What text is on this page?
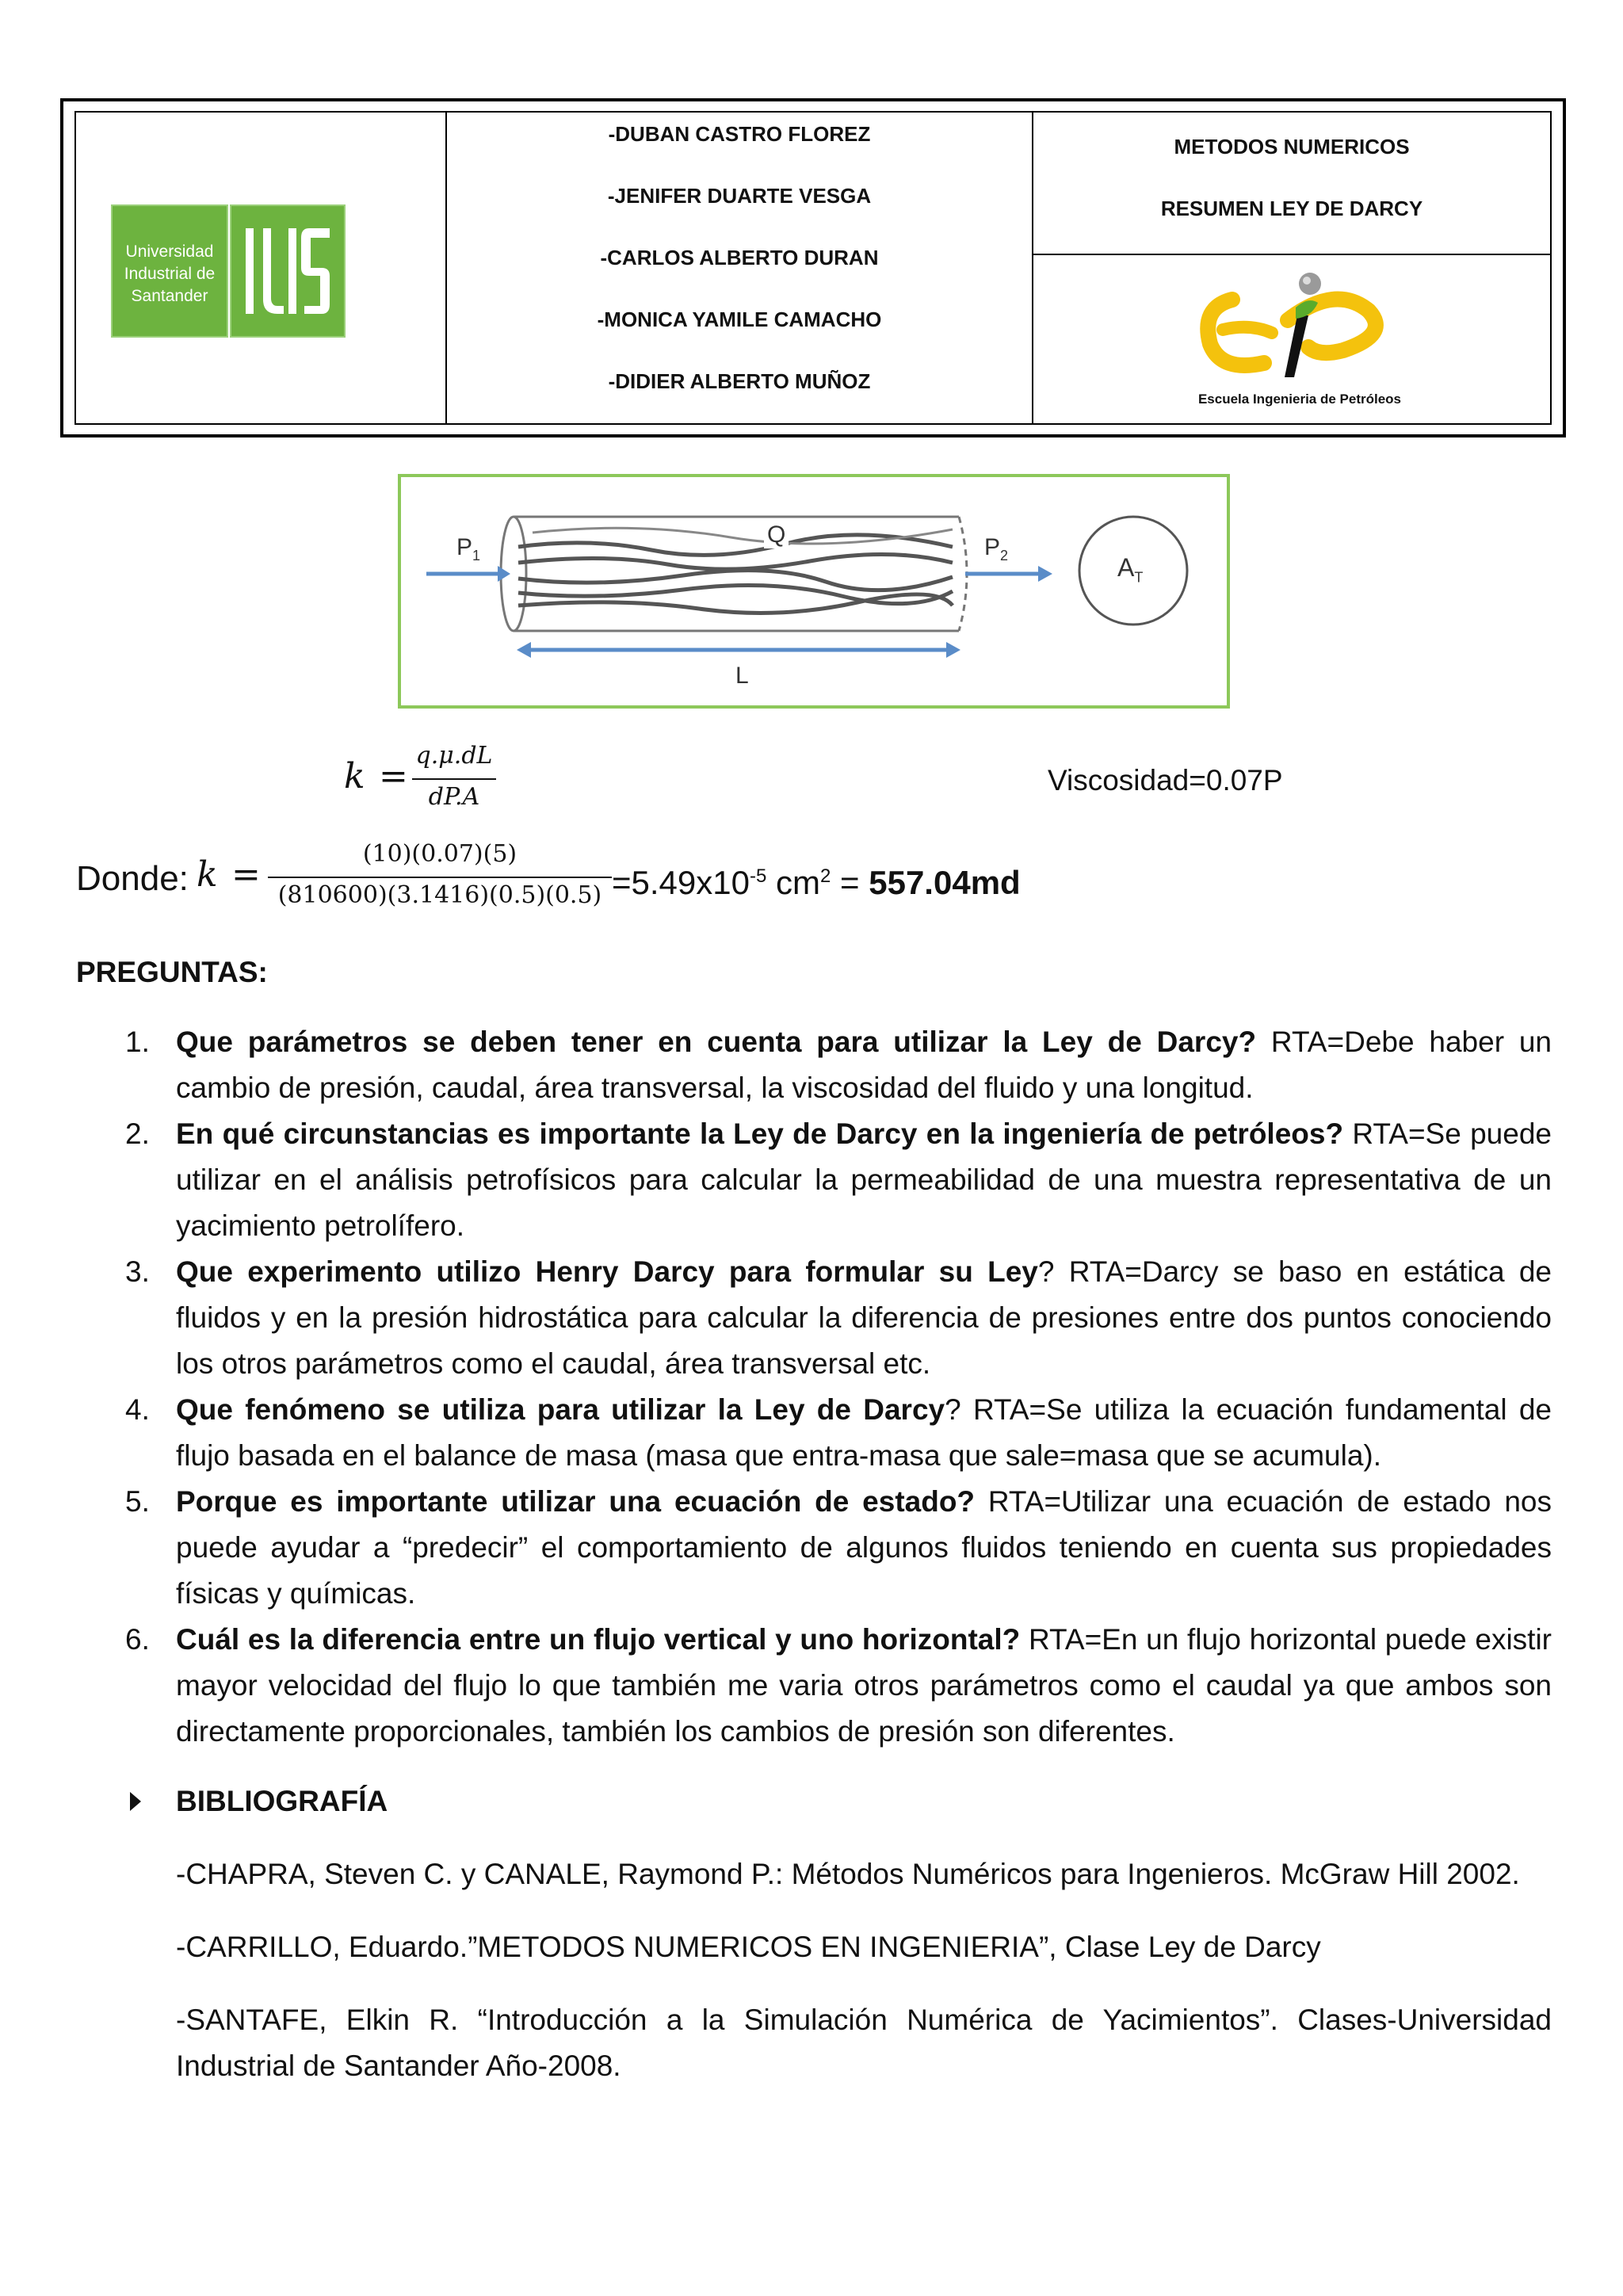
-DUBAN CASTRO FLOREZ
-JENIFER DUARTE VESGA
-CARLOS ALBERTO DURAN
-MONICA YAMILE CAMACHO
-DIDIER ALBERTO MUÑOZ
METODOS NUMERICOS
RESUMEN LEY DE DARCY
Universidad
Industrial de
Santander
Escuela Ingenieria de Petróleos
$P_1$	$P_2$
Q
L
$A_T$
k =
q.μ.dL
dP.A
Viscosidad=0.07P
Donde: k =
(10)(0.07)(5)
$(810600)(3.1416)(0.5)(0.5) =5.49x10^{-5}$ $cm^2 = 557.04md$
PREGUNTAS:
1. Que parámetros se deben tener en cuenta para utilizar la Ley de Darcy? RTA=Debe haber un cambio de presión, caudal, área transversal, la viscosidad del fluido y una longitud.
2. En qué circunstancias es importante la Ley de Darcy en la ingeniería de petróleos? RTA=Se puede utilizar en el análisis petrofísicos para calcular la permeabilidad de una muestra representativa de un yacimiento petrolífero.
3. Que experimento utilizo Henry Darcy para formular su Ley? RTA=Darcy se baso en estática de fluidos y en la presión hidrostática para calcular la diferencia de presiones entre dos puntos conociendo los otros parámetros como el caudal, área transversal etc.
4. Que fenómeno se utiliza para utilizar la Ley de Darcy? RTA=Se utiliza la ecuación fundamental de flujo basada en el balance de masa (masa que entra-masa que sale=masa que se acumula).
5. Porque es importante utilizar una ecuación de estado? RTA=Utilizar una ecuación de estado nos puede ayudar a “predecir” el comportamiento de algunos fluidos teniendo en cuenta sus propiedades físicas y químicas.
6. Cuál es la diferencia entre un flujo vertical y uno horizontal? RTA=En un flujo horizontal puede existir mayor velocidad del flujo lo que también me varia otros parámetros como el caudal ya que ambos son directamente proporcionales, también los cambios de presión son diferentes.
BIBLIOGRAFÍA
-CHAPRA, Steven C. y CANALE, Raymond P.: Métodos Numéricos para Ingenieros. McGraw Hill 2002.
-CARRILLO, Eduardo.”METODOS NUMERICOS EN INGENIERIA”, Clase Ley de Darcy
-SANTAFE, Elkin R. “Introducción a la Simulación Numérica de Yacimientos”. Clases-Universidad Industrial de Santander Año-2008.
